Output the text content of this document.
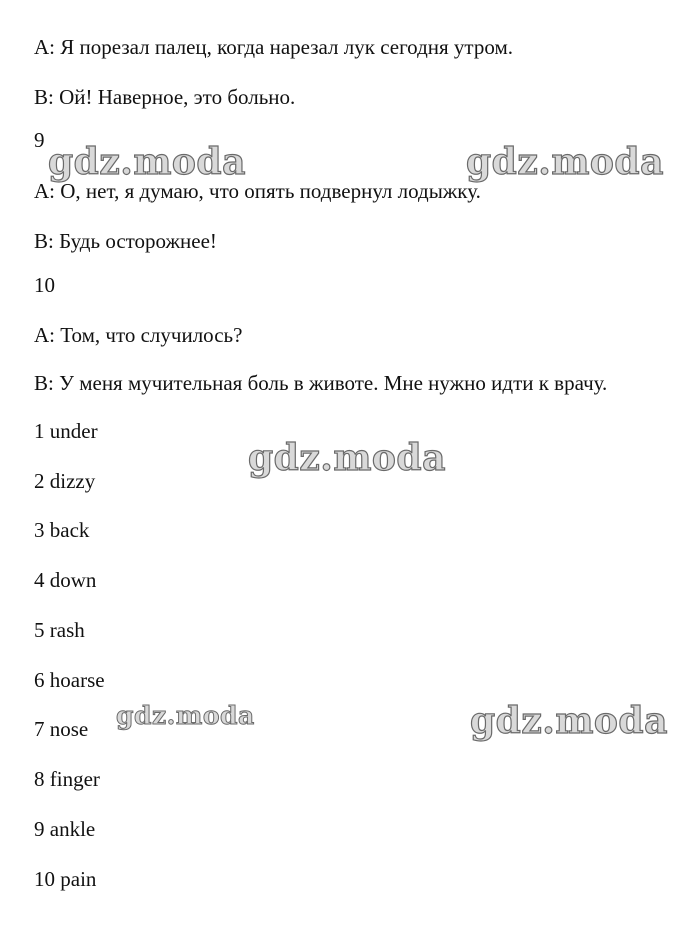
A: Я порезал палец, когда нарезал лук сегодня утром.

B: Ой! Наверное, это больно.

9

A: О, нет, я думаю, что опять подвернул лодыжку.

B: Будь осторожнее!

10

A: Том, что случилось?

B: У меня мучительная боль в животе. Мне нужно идти к врачу.

1 under

2 dizzy

3 back

4 down

5 rash

6 hoarse

7 nose

8 finger

9 ankle

10 pain

gdz.moda	gdz.moda
gdz.moda
gdz.moda	gdz.moda
